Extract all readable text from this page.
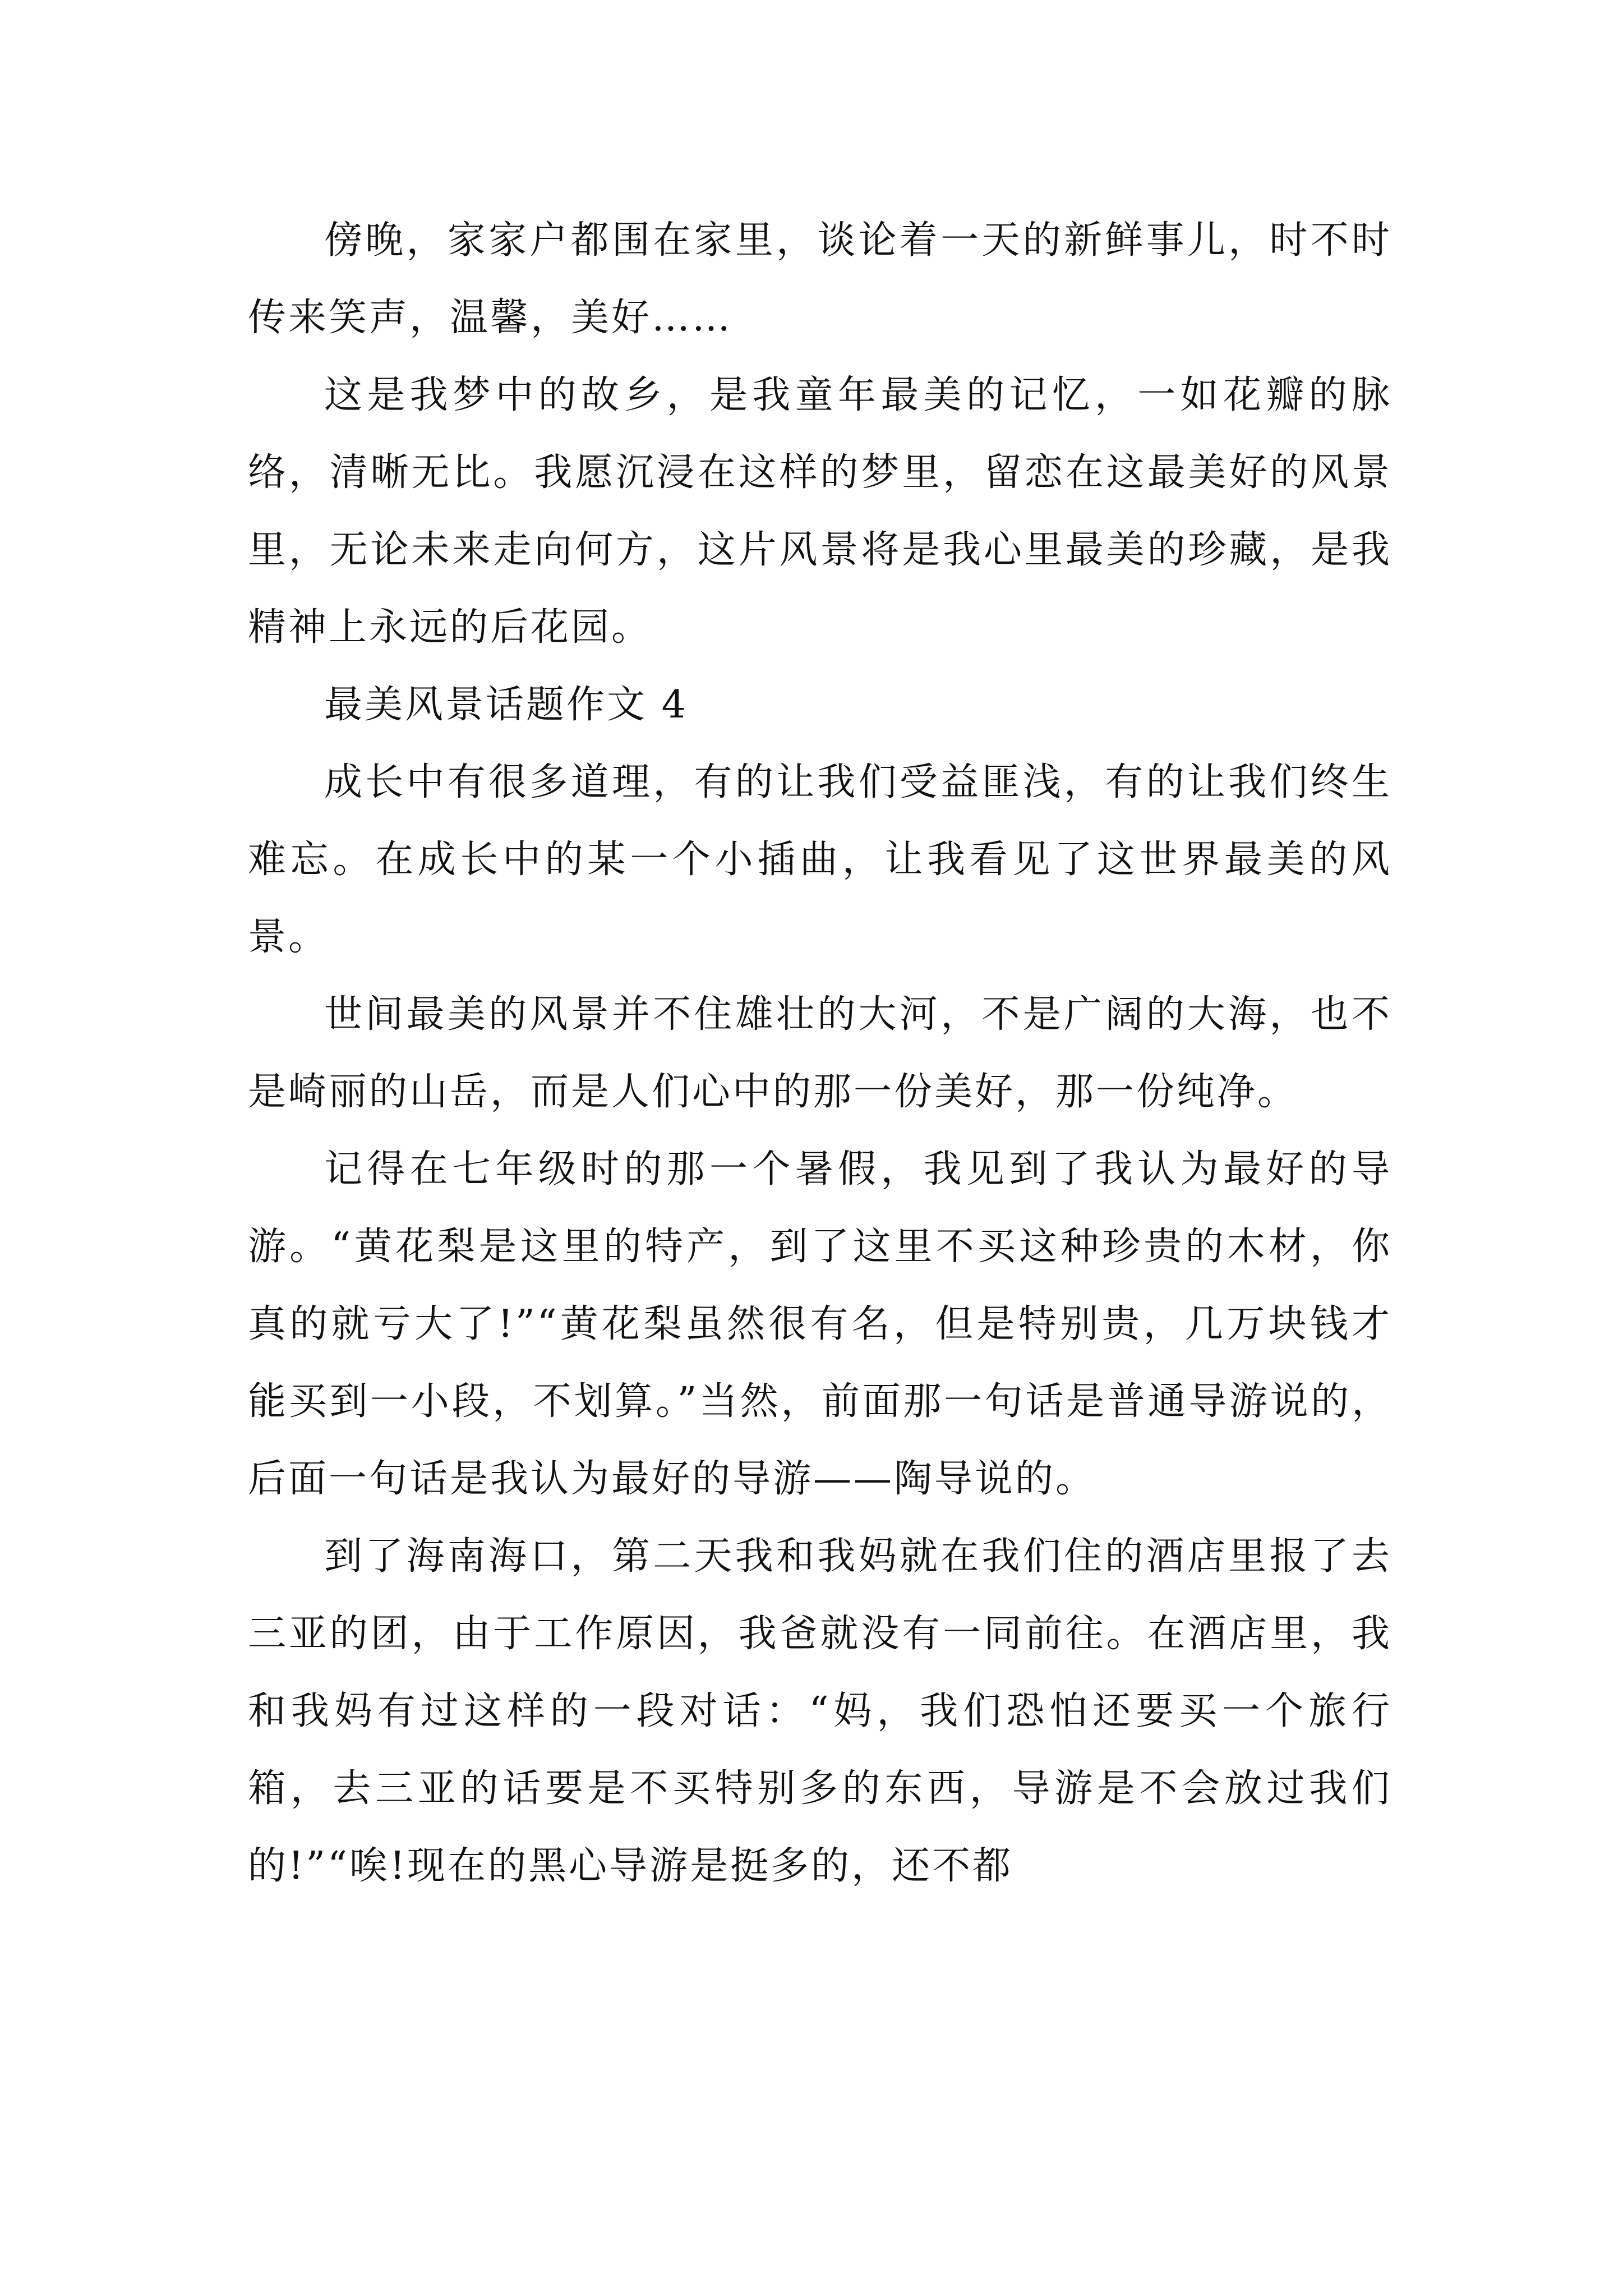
傍晚，家家户都围在家里，谈论着一天的新鲜事儿，时不时传来笑声，温馨，美好……

这是我梦中的故乡，是我童年最美的记忆，一如花瓣的脉络，清晰无比。我愿沉浸在这样的梦里，留恋在这最美好的风景里，无论未来走向何方，这片风景将是我心里最美的珍藏，是我精神上永远的后花园。

最美风景话题作文 4

成长中有很多道理，有的让我们受益匪浅，有的让我们终生难忘。在成长中的某一个小插曲，让我看见了这世界最美的风景。

世间最美的风景并不住雄壮的大河，不是广阔的大海，也不是崎丽的山岳，而是人们心中的那一份美好，那一份纯净。

记得在七年级时的那一个暑假，我见到了我认为最好的导游。“黄花梨是这里的特产，到了这里不买这种珍贵的木材，你真的就亏大了!”“黄花梨虽然很有名，但是特别贵，几万块钱才能买到一小段，不划算。”当然，前面那一句话是普通导游说的，后面一句话是我认为最好的导游——陶导说的。

到了海南海口，第二天我和我妈就在我们住的酒店里报了去三亚的团，由于工作原因，我爸就没有一同前往。在酒店里，我和我妈有过这样的一段对话：“妈，我们恐怕还要买一个旅行箱，去三亚的话要是不买特别多的东西，导游是不会放过我们的!”“唉!现在的黑心导游是挺多的，还不都
